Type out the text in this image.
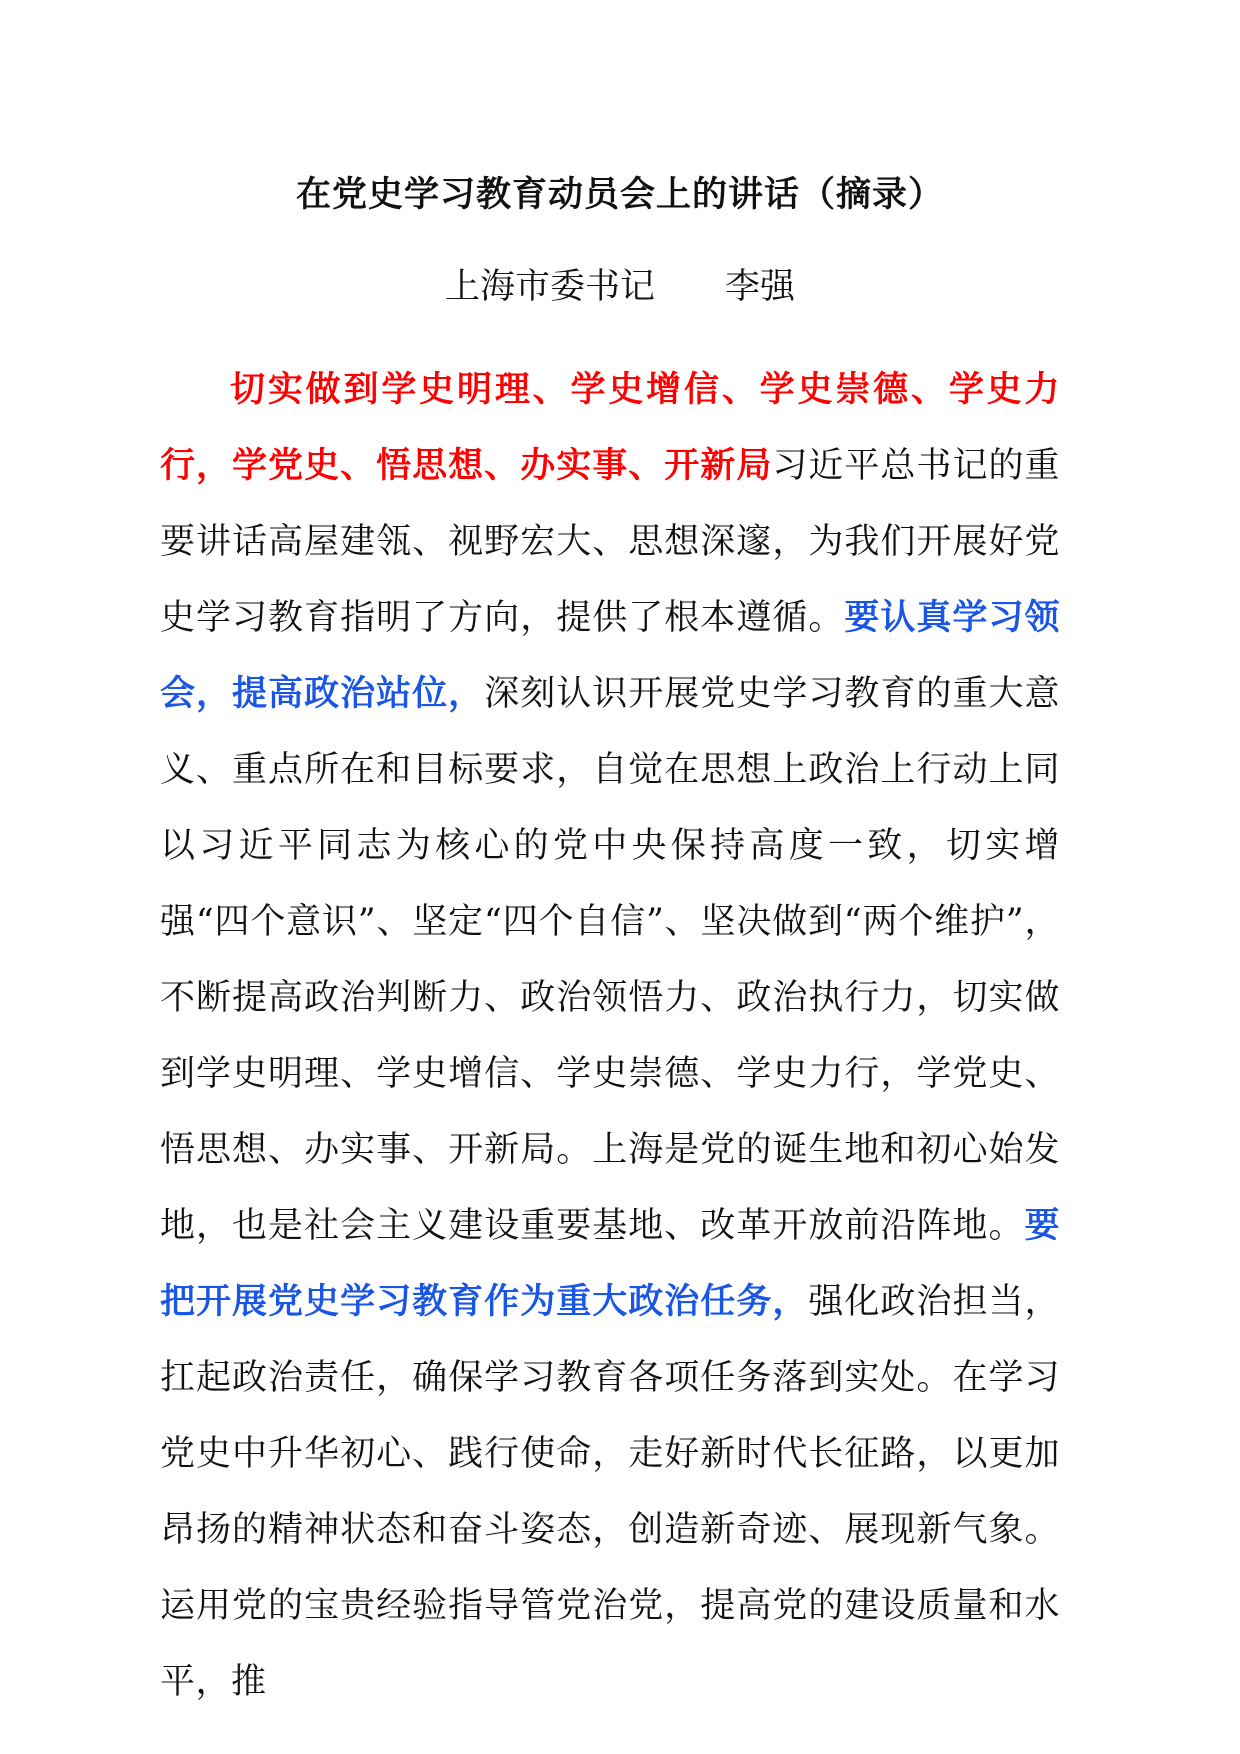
在党史学习教育动员会上的讲话（摘录）
上海市委书记 李强
切实做到学史明理、学史增信、学史崇德、学史力行，学党史、悟思想、办实事、开新局习近平总书记的重要讲话高屋建瓴、视野宏大、思想深邃，为我们开展好党史学习教育指明了方向，提供了根本遵循。要认真学习领会，提高政治站位，深刻认识开展党史学习教育的重大意义、重点所在和目标要求，自觉在思想上政治上行动上同以习近平同志为核心的党中央保持高度一致，切实增强“四个意识”、坚定“四个自信”、坚决做到“两个维护”，不断提高政治判断力、政治领悟力、政治执行力，切实做到学史明理、学史增信、学史崇德、学史力行，学党史、悟思想、办实事、开新局。上海是党的诞生地和初心始发地，也是社会主义建设重要基地、改革开放前沿阵地。要把开展党史学习教育作为重大政治任务，强化政治担当，扛起政治责任，确保学习教育各项任务落到实处。在学习党史中升华初心、践行使命，走好新时代长征路，以更加昂扬的精神状态和奋斗姿态，创造新奇迹、展现新气象。运用党的宝贵经验指导管党治党，提高党的建设质量和水平，推
